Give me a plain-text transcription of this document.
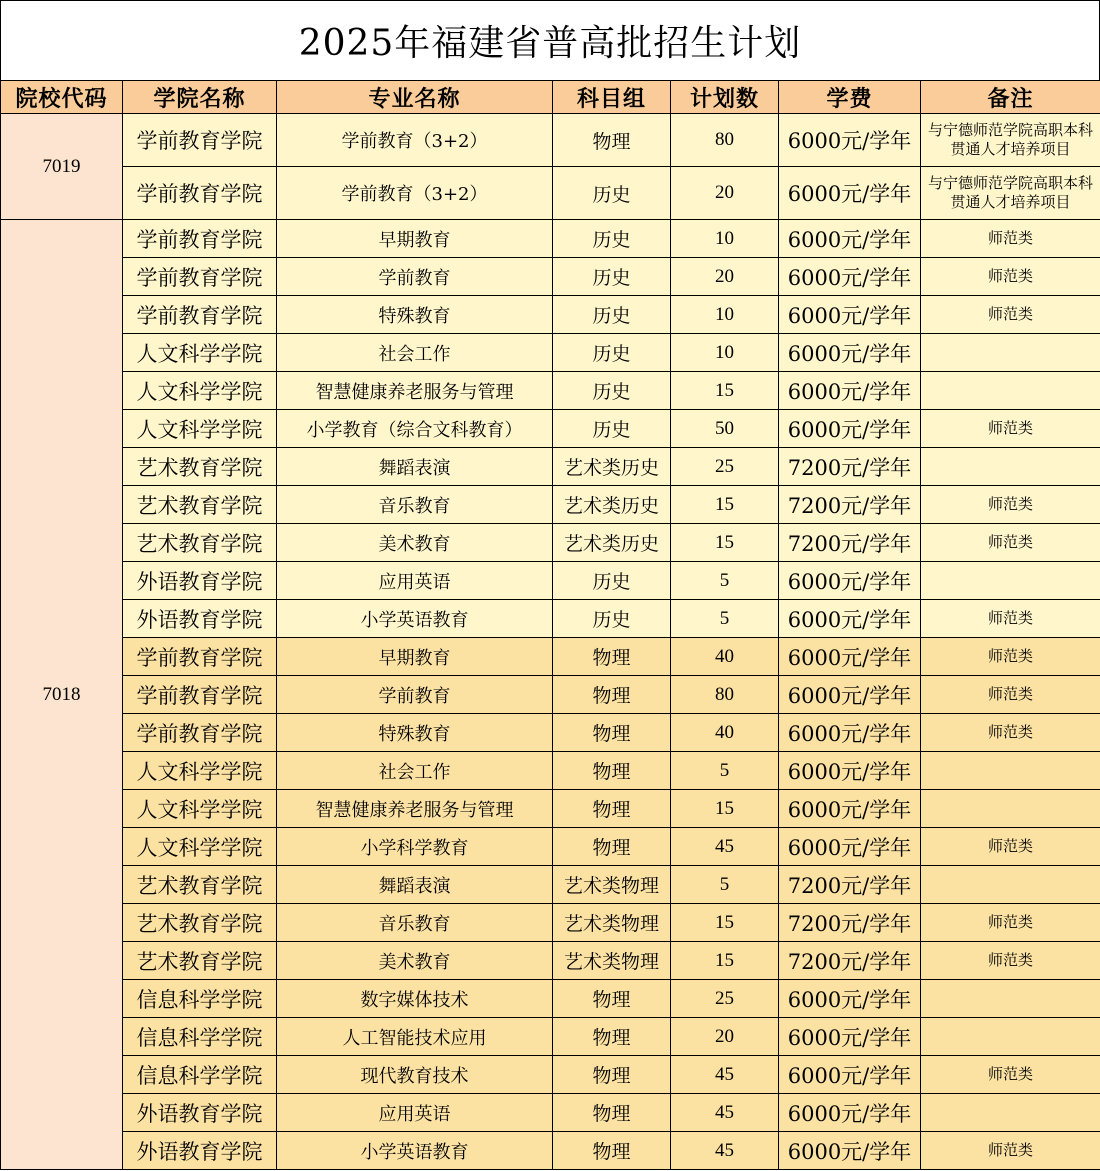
2025年福建省普高批招生计划
院校代码	学院名称	专业名称	科目组	计划数	学费	备注
7019	学前教育学院	学前教育（3+2）	物理	80	6000元/学年	与宁德师范学院高职本科贯通人才培养项目
	学前教育学院	学前教育（3+2）	历史	20	6000元/学年	与宁德师范学院高职本科贯通人才培养项目
7018	学前教育学院	早期教育	历史	10	6000元/学年	师范类
	学前教育学院	学前教育	历史	20	6000元/学年	师范类
	学前教育学院	特殊教育	历史	10	6000元/学年	师范类
	人文科学学院	社会工作	历史	10	6000元/学年	
	人文科学学院	智慧健康养老服务与管理	历史	15	6000元/学年	
	人文科学学院	小学教育（综合文科教育）	历史	50	6000元/学年	师范类
	艺术教育学院	舞蹈表演	艺术类历史	25	7200元/学年	
	艺术教育学院	音乐教育	艺术类历史	15	7200元/学年	师范类
	艺术教育学院	美术教育	艺术类历史	15	7200元/学年	师范类
	外语教育学院	应用英语	历史	5	6000元/学年	
	外语教育学院	小学英语教育	历史	5	6000元/学年	师范类
	学前教育学院	早期教育	物理	40	6000元/学年	师范类
	学前教育学院	学前教育	物理	80	6000元/学年	师范类
	学前教育学院	特殊教育	物理	40	6000元/学年	师范类
	人文科学学院	社会工作	物理	5	6000元/学年	
	人文科学学院	智慧健康养老服务与管理	物理	15	6000元/学年	
	人文科学学院	小学科学教育	物理	45	6000元/学年	师范类
	艺术教育学院	舞蹈表演	艺术类物理	5	7200元/学年	
	艺术教育学院	音乐教育	艺术类物理	15	7200元/学年	师范类
	艺术教育学院	美术教育	艺术类物理	15	7200元/学年	师范类
	信息科学学院	数字媒体技术	物理	25	6000元/学年	
	信息科学学院	人工智能技术应用	物理	20	6000元/学年	
	信息科学学院	现代教育技术	物理	45	6000元/学年	师范类
	外语教育学院	应用英语	物理	45	6000元/学年	
	外语教育学院	小学英语教育	物理	45	6000元/学年	师范类
